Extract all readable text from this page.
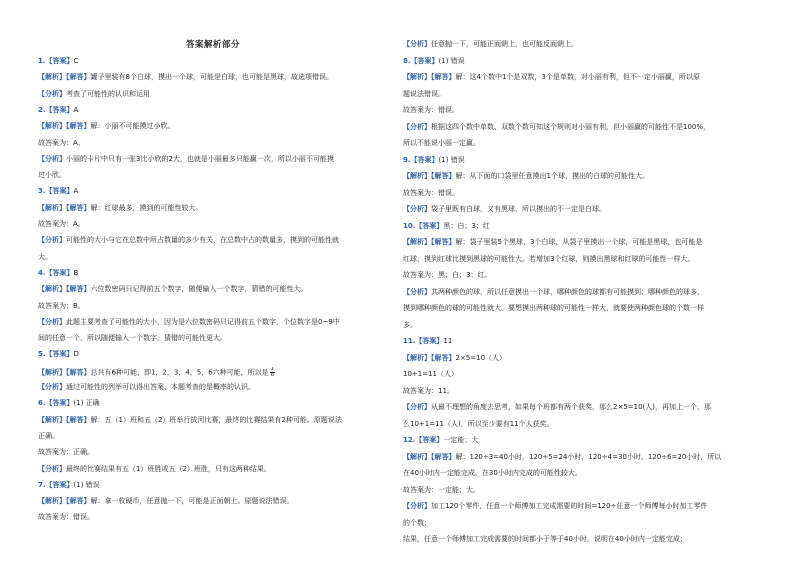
答案解析部分
1.【答案】C
【解析】【解答】罐子里装有8个白球，摸出一个球，可能是白球，也可能是黑球，故选项错误。
【分析】考查了可能性的认识和运用
2.【答案】A
【解析】【解答】解：小丽不可能摸过小欣。
故答案为：A。
【分析】小丽的卡片中只有一张3比小欣的2大，也就是小丽最多只能赢一次，所以小丽不可能摸
过小欣。
3.【答案】A
【解析】【解答】解：红球最多，摸到的可能性较大。
故答案为：A。
【分析】可能性的大小与它在总数中所占数量的多少有关，在总数中占的数量多，摸到的可能性就
大。
4.【答案】B
【解析】【解答】六位数密码只记得前五个数字，随便输入一个数字，猜错的可能性大。
故答案为：B。
【分析】此题主要考查了可能性的大小，因为是六位数密码只记得前五个数字，个位数字是0~9中
间的任意一个，所以随便输入一个数字，猜错的可能性更大。
5.【答案】D
【解析】【解答】总共有6种可能，即1，2，3，4，5，6六种可能，所以是 $\frac{1}{6}$
【分析】通过可能性的列举可以得出答案，本题考查的是概率的认识。
6.【答案】(1) 正确
【解析】【解答】解：五（1）班和五（2）班举行拔河比赛，最终的比赛结果有2种可能。原题说法
正确。
故答案为：正确。
【分析】最终的比赛结果有五（1）班胜或五（2）班胜，只有这两种结果。
7.【答案】(1) 错误
【解析】【解答】解：拿一枚硬币，任意抛一下，可能是正面朝上。原题说法错误。
故答案为：错误。
【分析】任意抛一下，可能正面朝上，也可能反面朝上。
8.【答案】(1) 错误
【解析】【解答】解：这4个数中1个是双数，3个是单数，对小丽有利，但不一定小丽赢，所以原
题说法错误。
故答案为：错误。
【分析】根据这四个数中单数、双数个数可知这个规则对小丽有利，但小丽赢的可能性不是100%，
所以不能说小丽一定赢。
9.【答案】(1) 错误
【解析】【解答】解：从下面的口袋里任意摸出1个球，摸出的白球的可能性大。
故答案为：错误。
【分析】袋子里既有白球，又有黑球，所以摸出的不一定是白球。
10.【答案】黑；白；3；红
【解析】【解答】解：袋子里装5个黑球，3个白球，从袋子里摸出一个球，可能是黑球，也可能是
红球，摸到红球比摸到黑球的可能性大。若增加3个红球，则摸出黑球和红球的可能性一样大。
故答案为：黑；白；3；红。
【分析】共两种颜色的球，所以任意摸出一个球，哪种颜色的球都有可能摸到；哪种颜色的球多，
摸到哪种颜色的球的可能性就大。要想摸出两种球的可能性一样大，就要使两种颜色球的个数一样
多。
11.【答案】11
【解析】【解答】2×5=10（人）
10+1=11（人）
故答案为：11。
【分析】从最不理想的角度去思考，如果每个班都有两个获奖，那么2×5=10(人)，再加上一个，那
么10+1=11（人)，所以至少要有11个人获奖。
12.【答案】一定能；大
【解析】【解答】解：120÷3=40小时，120÷5=24小时，120÷4=30小时，120÷6=20小时，所以
在40小时内一定能完成，在30小时内完成的可能性较大。
故答案为：一定能；大。
【分析】加工120个零件，任意一个师傅加工完成需要的时间=120÷任意一个师傅每小时加工零件
的个数；
结果，任意一个师傅加工完成需要的时间都小于等于40小时，说明在40小时内一定能完成；
